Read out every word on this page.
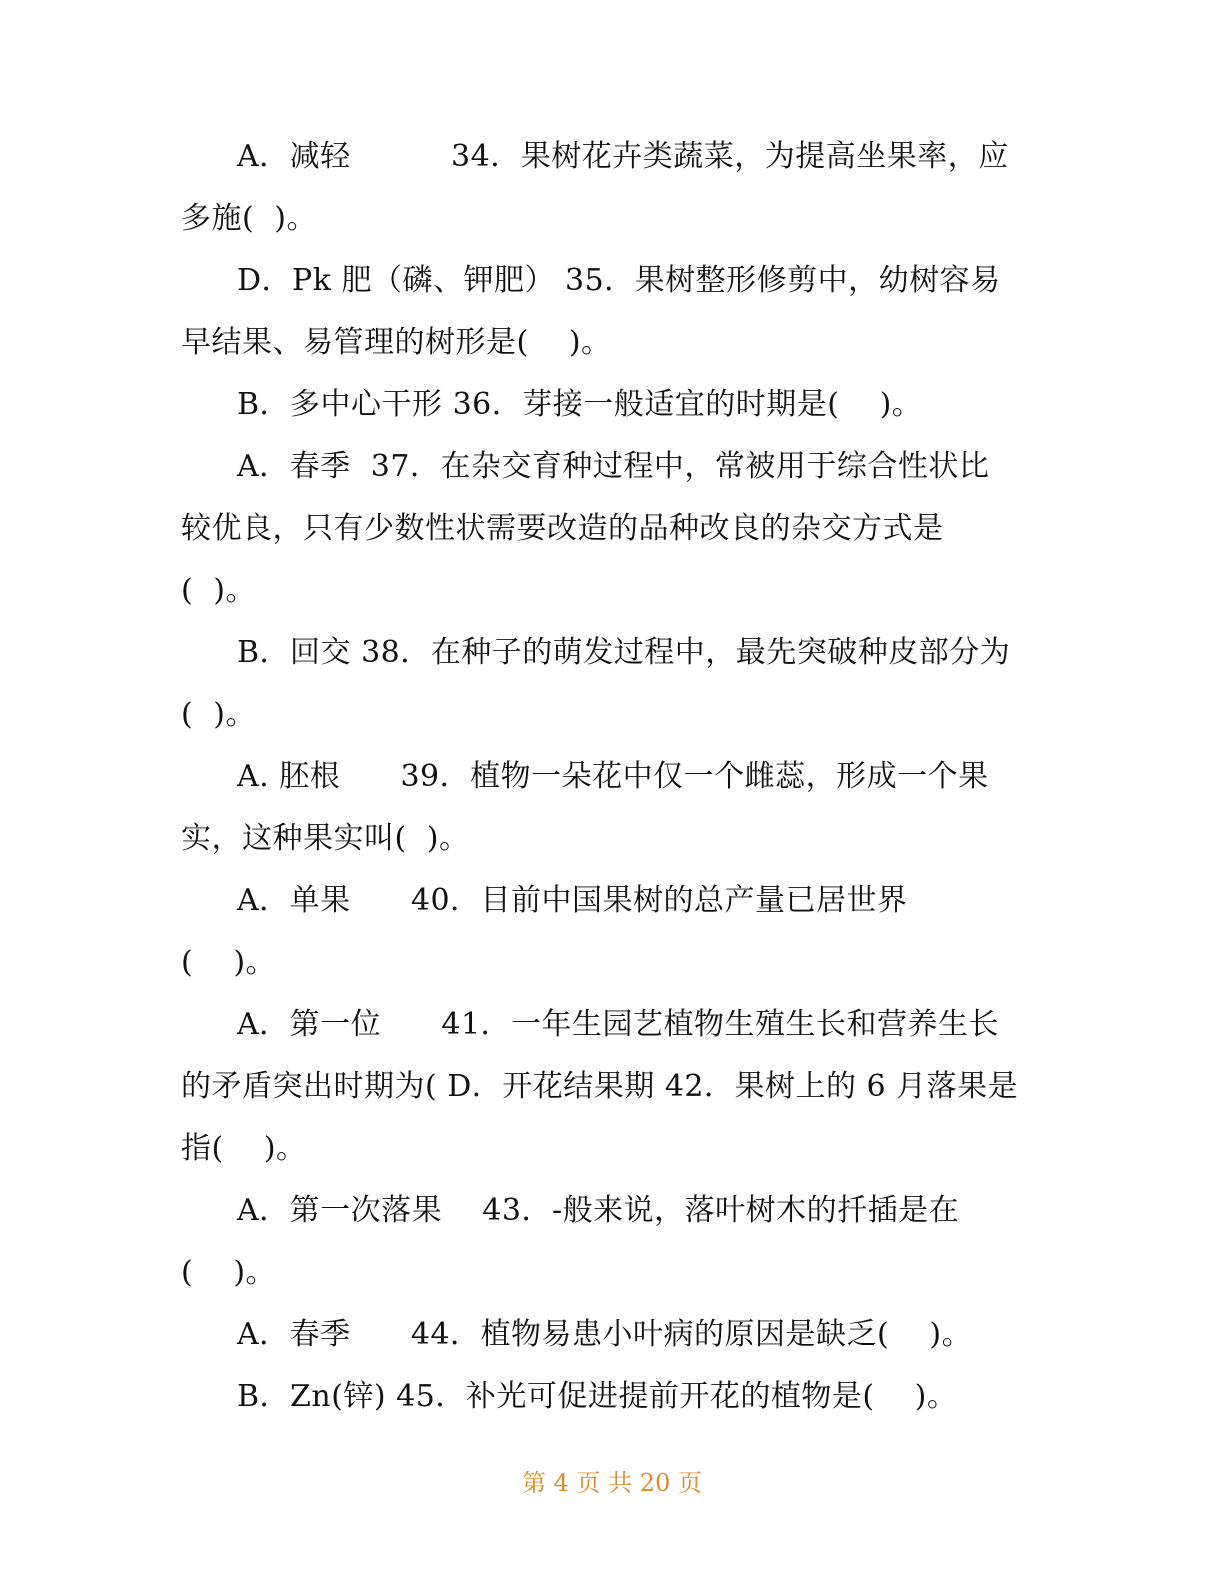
A．减轻          34．果树花卉类蔬菜，为提高坐果率，应
多施(  )。
D．Pk 肥（磷、钾肥） 35．果树整形修剪中，幼树容易
早结果、易管理的树形是(    )。
B．多中心干形 36．芽接一般适宜的时期是(    )。
A．春季  37．在杂交育种过程中，常被用于综合性状比
较优良，只有少数性状需要改造的品种改良的杂交方式是
(  )。
B．回交 38．在种子的萌发过程中，最先突破种皮部分为
(  )。
A. 胚根      39．植物一朵花中仅一个雌蕊，形成一个果
实，这种果实叫(  )。
A．单果      40．目前中国果树的总产量已居世界
(    )。
A．第一位      41．一年生园艺植物生殖生长和营养生长
的矛盾突出时期为( D．开花结果期 42．果树上的 6 月落果是
指(    )。
A．第一次落果    43．-般来说，落叶树木的扦插是在
(    )。
A．春季      44．植物易患小叶病的原因是缺乏(    )。
B．Zn(锌) 45．补光可促进提前开花的植物是(    )。
第 4 页 共 20 页
